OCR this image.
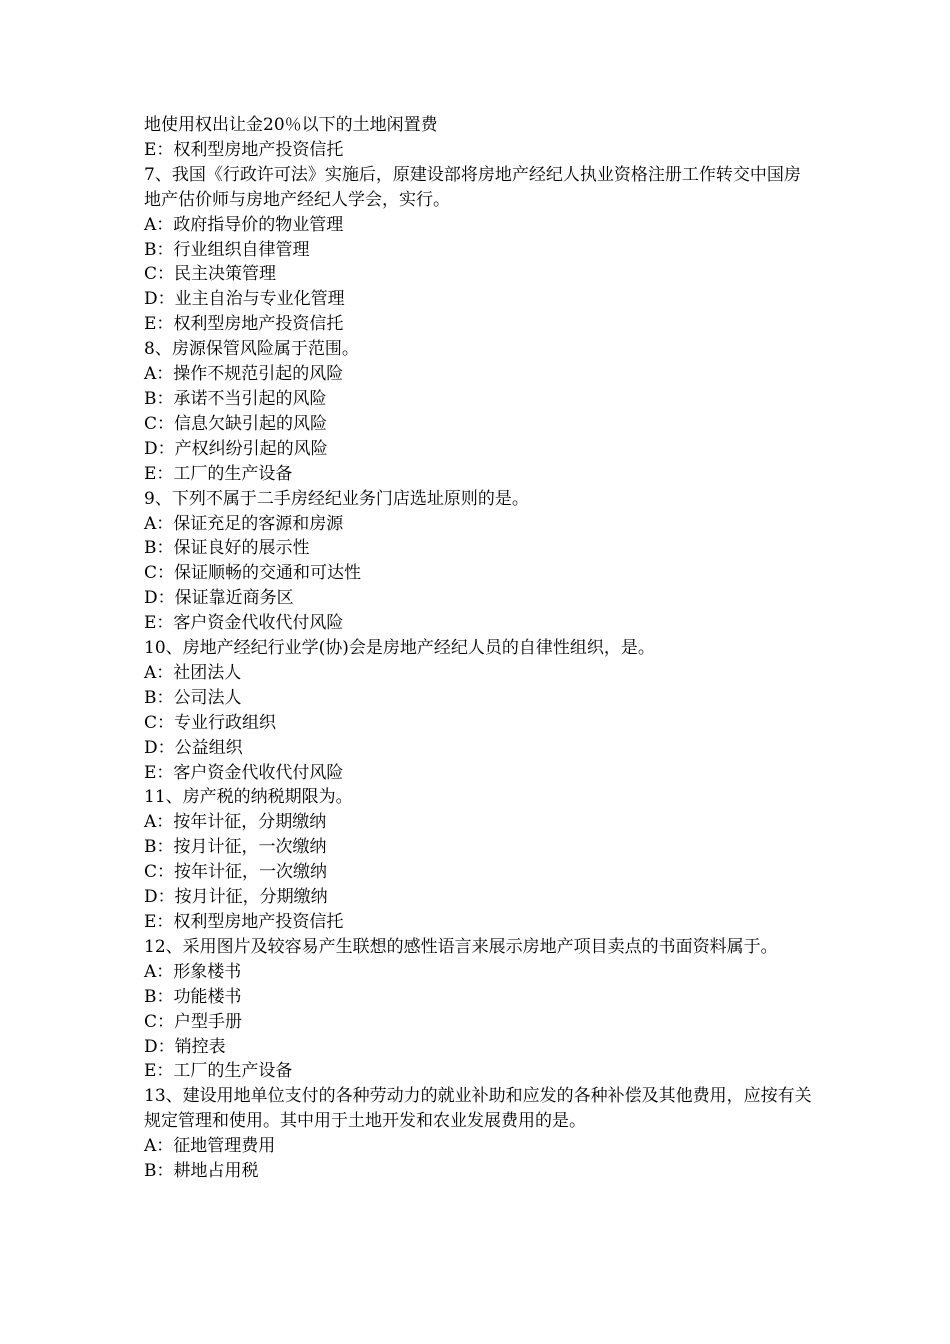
地使用权出让金20％以下的土地闲置费
E：权利型房地产投资信托
7、我国《行政许可法》实施后，原建设部将房地产经纪人执业资格注册工作转交中国房地产估价师与房地产经纪人学会，实行。
A：政府指导价的物业管理
B：行业组织自律管理
C：民主决策管理
D：业主自治与专业化管理
E：权利型房地产投资信托
8、房源保管风险属于范围。
A：操作不规范引起的风险
B：承诺不当引起的风险
C：信息欠缺引起的风险
D：产权纠纷引起的风险
E：工厂的生产设备
9、下列不属于二手房经纪业务门店选址原则的是。
A：保证充足的客源和房源
B：保证良好的展示性
C：保证顺畅的交通和可达性
D：保证靠近商务区
E：客户资金代收代付风险
10、房地产经纪行业学(协)会是房地产经纪人员的自律性组织，是。
A：社团法人
B：公司法人
C：专业行政组织
D：公益组织
E：客户资金代收代付风险
11、房产税的纳税期限为。
A：按年计征，分期缴纳
B：按月计征，一次缴纳
C：按年计征，一次缴纳
D：按月计征，分期缴纳
E：权利型房地产投资信托
12、采用图片及较容易产生联想的感性语言来展示房地产项目卖点的书面资料属于。
A：形象楼书
B：功能楼书
C：户型手册
D：销控表
E：工厂的生产设备
13、建设用地单位支付的各种劳动力的就业补助和应发的各种补偿及其他费用，应按有关规定管理和使用。其中用于土地开发和农业发展费用的是。
A：征地管理费用
B：耕地占用税
